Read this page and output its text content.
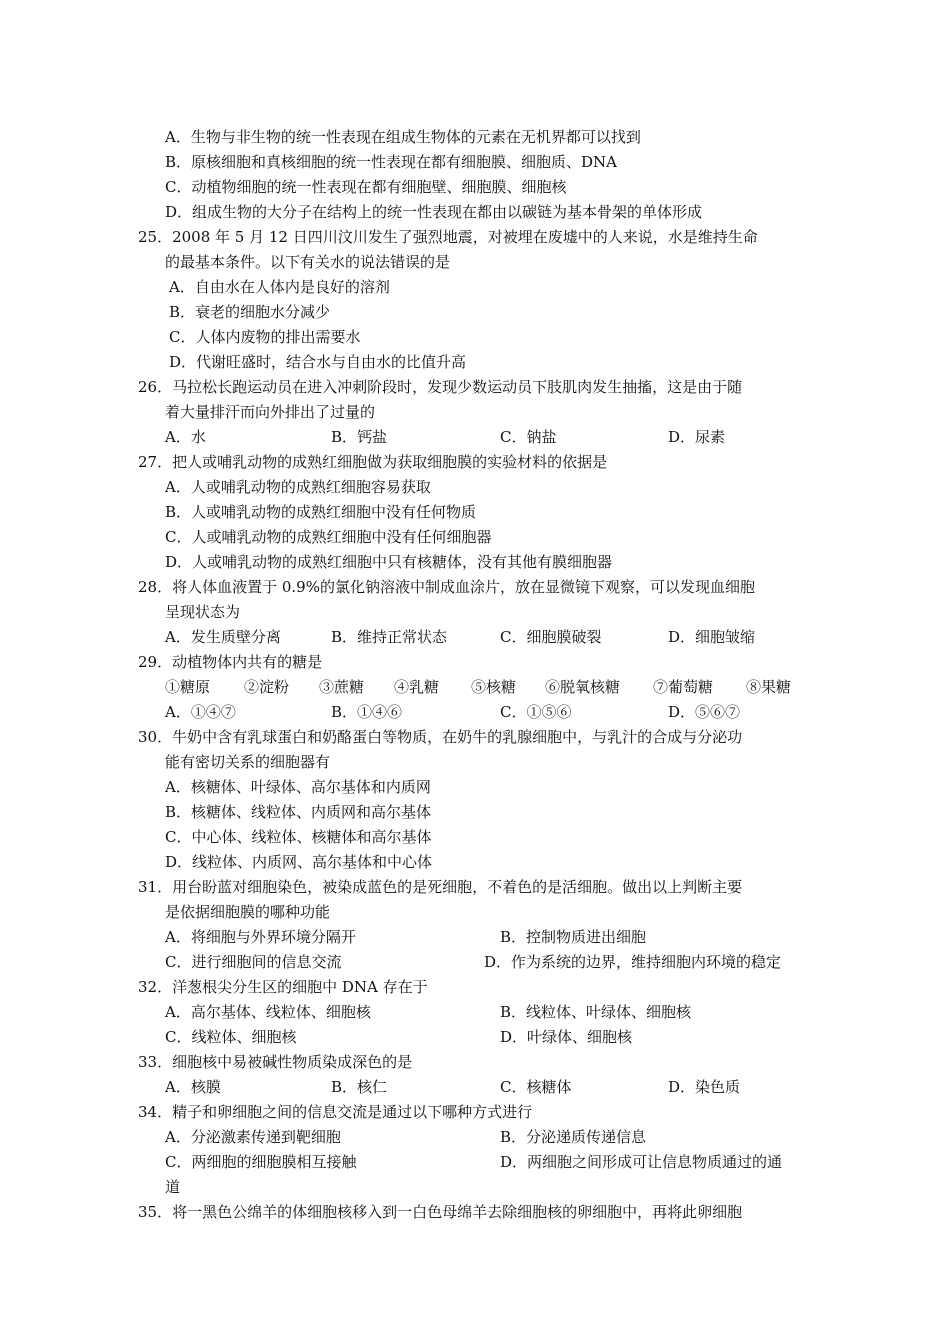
A．生物与非生物的统一性表现在组成生物体的元素在无机界都可以找到
B．原核细胞和真核细胞的统一性表现在都有细胞膜、细胞质、DNA
C．动植物细胞的统一性表现在都有细胞壁、细胞膜、细胞核
D．组成生物的大分子在结构上的统一性表现在都由以碳链为基本骨架的单体形成
25．2008 年 5 月 12 日四川汶川发生了强烈地震，对被埋在废墟中的人来说，水是维持生命
的最基本条件。以下有关水的说法错误的是
A．自由水在人体内是良好的溶剂
B．衰老的细胞水分减少
C．人体内废物的排出需要水
D．代谢旺盛时，结合水与自由水的比值升高
26．马拉松长跑运动员在进入冲刺阶段时，发现少数运动员下肢肌肉发生抽搐，这是由于随
着大量排汗而向外排出了过量的
A．水	B．钙盐	C．钠盐	D．尿素
27．把人或哺乳动物的成熟红细胞做为获取细胞膜的实验材料的依据是
A．人或哺乳动物的成熟红细胞容易获取
B．人或哺乳动物的成熟红细胞中没有任何物质
C．人或哺乳动物的成熟红细胞中没有任何细胞器
D．人或哺乳动物的成熟红细胞中只有核糖体，没有其他有膜细胞器
28．将人体血液置于 0.9%的氯化钠溶液中制成血涂片，放在显微镜下观察，可以发现血细胞
呈现状态为
A．发生质壁分离	B．维持正常状态	C．细胞膜破裂	D．细胞皱缩
29．动植物体内共有的糖是
①糖原 ②淀粉 ③蔗糖 ④乳糖 ⑤核糖 ⑥脱氧核糖 ⑦葡萄糖 ⑧果糖
A．①④⑦	B．①④⑥	C．①⑤⑥	D．⑤⑥⑦
30．牛奶中含有乳球蛋白和奶酪蛋白等物质，在奶牛的乳腺细胞中，与乳汁的合成与分泌功
能有密切关系的细胞器有
A．核糖体、叶绿体、高尔基体和内质网
B．核糖体、线粒体、内质网和高尔基体
C．中心体、线粒体、核糖体和高尔基体
D．线粒体、内质网、高尔基体和中心体
31．用台盼蓝对细胞染色，被染成蓝色的是死细胞，不着色的是活细胞。做出以上判断主要
是依据细胞膜的哪种功能
A．将细胞与外界环境分隔开	B．控制物质进出细胞
C．进行细胞间的信息交流	D．作为系统的边界，维持细胞内环境的稳定
32．洋葱根尖分生区的细胞中 DNA 存在于
A．高尔基体、线粒体、细胞核	B．线粒体、叶绿体、细胞核
C．线粒体、细胞核	D．叶绿体、细胞核
33．细胞核中易被碱性物质染成深色的是
A．核膜	B．核仁	C．核糖体	D．染色质
34．精子和卵细胞之间的信息交流是通过以下哪种方式进行
A．分泌激素传递到靶细胞	B．分泌递质传递信息
C．两细胞的细胞膜相互接触	D．两细胞之间形成可让信息物质通过的通
道
35．将一黑色公绵羊的体细胞核移入到一白色母绵羊去除细胞核的卵细胞中，再将此卵细胞
